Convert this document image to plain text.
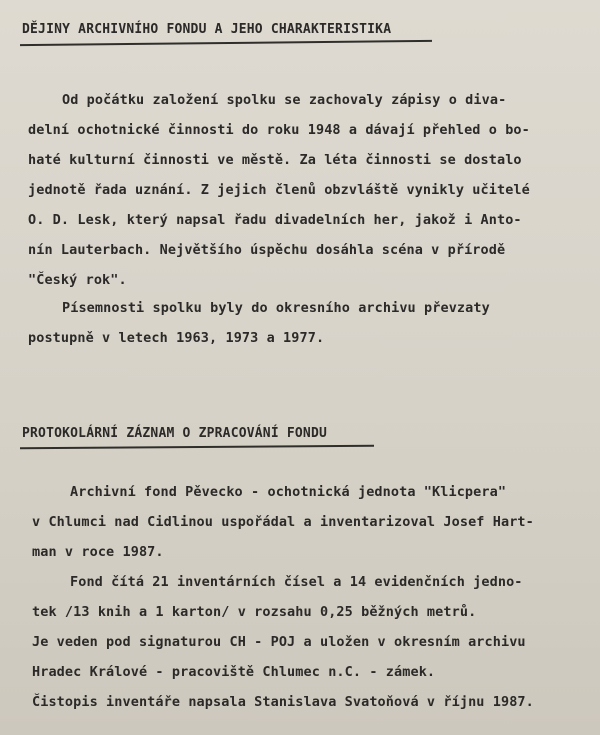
DĚJINY ARCHIVNÍHO FONDU A JEHO CHARAKTERISTIKA
Od počátku založení spolku se zachovaly zápisy o diva-
delní ochotnické činnosti do roku 1948 a dávají přehled o bo-
haté kulturní činnosti ve městě. Za léta činnosti se dostalo
jednotě řada uznání. Z jejich členů obzvláště vynikly učitelé
O. D. Lesk, který napsal řadu divadelních her, jakož i Anto-
nín Lauterbach. Největšího úspěchu dosáhla scéna v přírodě
"Český rok".
Písemnosti spolku byly do okresního archivu převzaty
postupně v letech 1963, 1973 a 1977.
PROTOKOLÁRNÍ ZÁZNAM O ZPRACOVÁNÍ FONDU
Archivní fond Pěvecko - ochotnická jednota "Klicpera"
v Chlumci nad Cidlinou uspořádal a inventarizoval Josef Hart-
man v roce 1987.
Fond čítá 21 inventárních čísel a 14 evidenčních jedno-
tek /13 knih a 1 karton/ v rozsahu 0,25 běžných metrů.
Je veden pod signaturou CH - POJ a uložen v okresním archivu
Hradec Králové - pracoviště Chlumec n.C. - zámek.
Čistopis inventáře napsala Stanislava Svatoňová v říjnu 1987.
